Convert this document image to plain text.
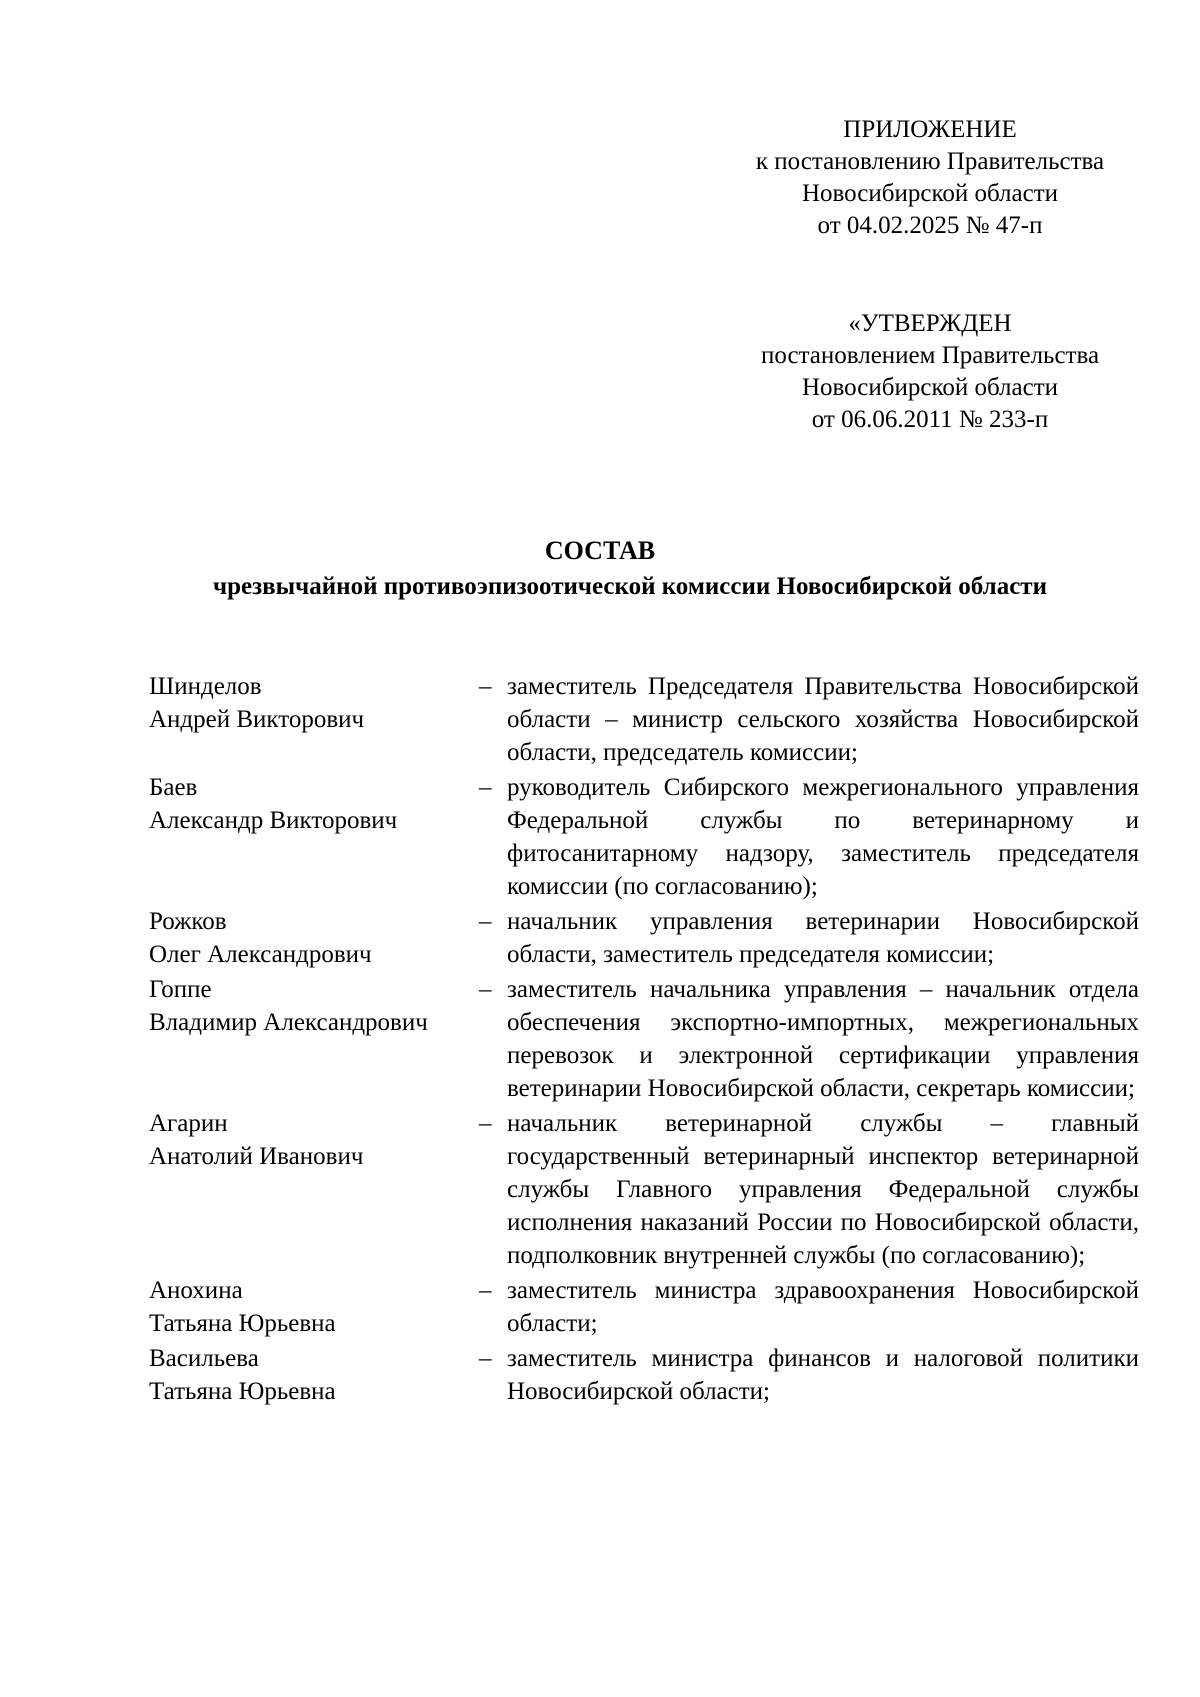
ПРИЛОЖЕНИЕ
к постановлению Правительства
Новосибирской области
от 04.02.2025 № 47-п
«УТВЕРЖДЕН
постановлением Правительства
Новосибирской области
от 06.06.2011 № 233-п
СОСТАВ
чрезвычайной противоэпизоотической комиссии Новосибирской области
Шинделов
Андрей Викторович
– заместитель Председателя Правительства Новосибирской области – министр сельского хозяйства Новосибирской области, председатель комиссии;
Баев
Александр Викторович
– руководитель Сибирского межрегионального управления Федеральной службы по ветеринарному и фитосанитарному надзору, заместитель председателя комиссии (по согласованию);
Рожков
Олег Александрович
– начальник управления ветеринарии Новосибирской области, заместитель председателя комиссии;
Гоппе
Владимир Александрович
– заместитель начальника управления – начальник отдела обеспечения экспортно-импортных, межрегиональных перевозок и электронной сертификации управления ветеринарии Новосибирской области, секретарь комиссии;
Агарин
Анатолий Иванович
– начальник ветеринарной службы – главный государственный ветеринарный инспектор ветеринарной службы Главного управления Федеральной службы исполнения наказаний России по Новосибирской области, подполковник внутренней службы (по согласованию);
Анохина
Татьяна Юрьевна
– заместитель министра здравоохранения Новосибирской области;
Васильева
Татьяна Юрьевна
– заместитель министра финансов и налоговой политики Новосибирской области;
